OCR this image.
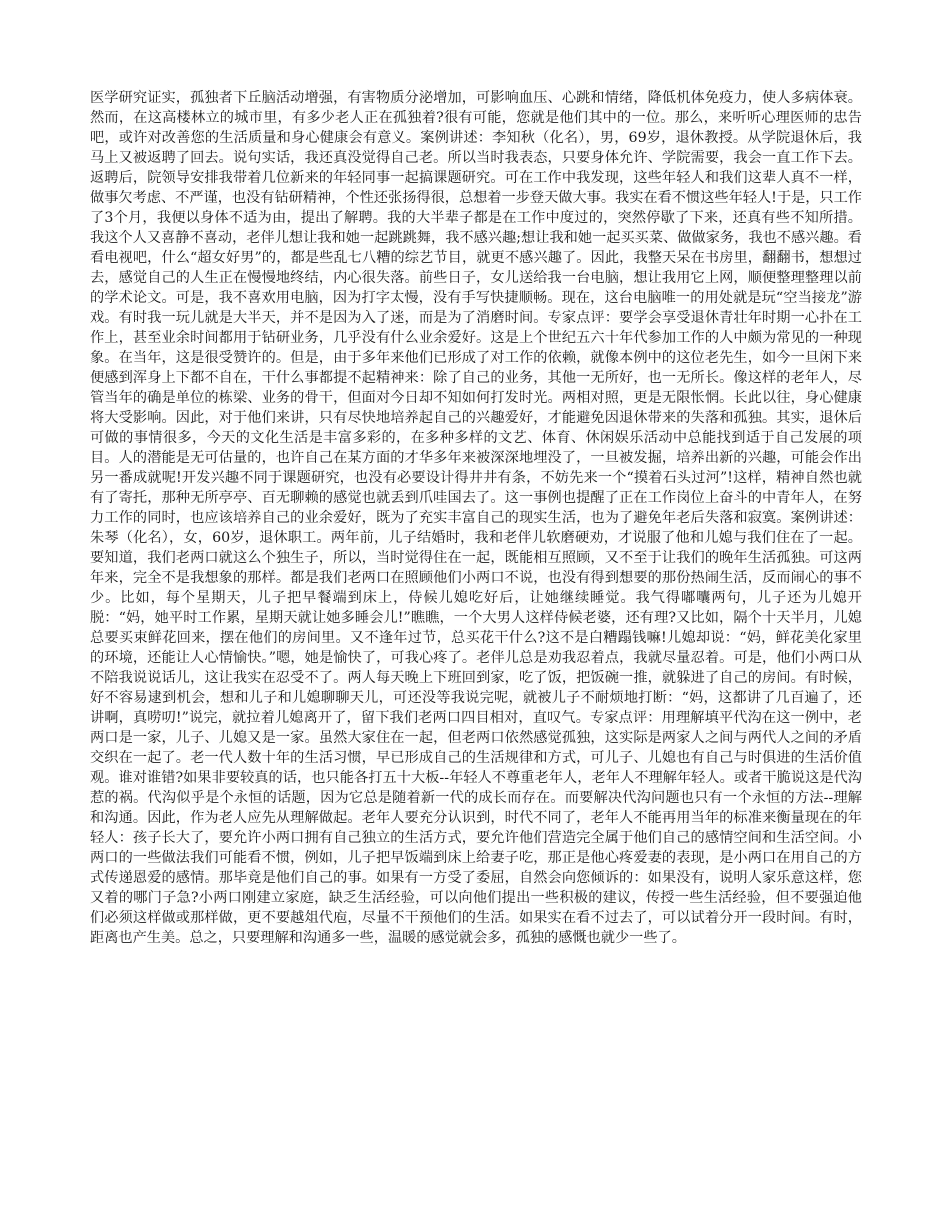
医学研究证实，孤独者下丘脑活动增强，有害物质分泌增加，可影响血压、心跳和情绪，降低机体免疫力，使人多病体衰。然而，在这高楼林立的城市里，有多少老人正在孤独着?很有可能，您就是他们其中的一位。那么，来听听心理医师的忠告吧，或许对改善您的生活质量和身心健康会有意义。案例讲述：李知秋（化名），男，69岁，退休教授。从学院退休后，我马上又被返聘了回去。说句实话，我还真没觉得自己老。所以当时我表态，只要身体允许、学院需要，我会一直工作下去。返聘后，院领导安排我带着几位新来的年轻同事一起搞课题研究。可在工作中我发现，这些年轻人和我们这辈人真不一样，做事欠考虑、不严谨，也没有钻研精神，个性还张扬得很，总想着一步登天做大事。我实在看不惯这些年轻人!于是，只工作了3个月，我便以身体不适为由，提出了解聘。我的大半辈子都是在工作中度过的，突然停歇了下来，还真有些不知所措。我这个人又喜静不喜动，老伴儿想让我和她一起跳跳舞，我不感兴趣;想让我和她一起买买菜、做做家务，我也不感兴趣。看看电视吧，什么“超女好男”的，都是些乱七八糟的综艺节目，就更不感兴趣了。因此，我整天呆在书房里，翻翻书，想想过去，感觉自己的人生正在慢慢地终结，内心很失落。前些日子，女儿送给我一台电脑，想让我用它上网，顺便整理整理以前的学术论文。可是，我不喜欢用电脑，因为打字太慢，没有手写快捷顺畅。现在，这台电脑唯一的用处就是玩“空当接龙”游戏。有时我一玩儿就是大半天，并不是因为入了迷，而是为了消磨时间。专家点评：要学会享受退休青壮年时期一心扑在工作上，甚至业余时间都用于钻研业务，几乎没有什么业余爱好。这是上个世纪五六十年代参加工作的人中颇为常见的一种现象。在当年，这是很受赞许的。但是，由于多年来他们已形成了对工作的依赖，就像本例中的这位老先生，如今一旦闲下来便感到浑身上下都不自在，干什么事都提不起精神来：除了自己的业务，其他一无所好，也一无所长。像这样的老年人，尽管当年的确是单位的栋梁、业务的骨干，但面对今日却不知如何打发时光。两相对照，更是无限怅惘。长此以往，身心健康将大受影响。因此，对于他们来讲，只有尽快地培养起自己的兴趣爱好，才能避免因退休带来的失落和孤独。其实，退休后可做的事情很多，今天的文化生活是丰富多彩的，在多种多样的文艺、体育、休闲娱乐活动中总能找到适于自己发展的项目。人的潜能是无可估量的，也许自己在某方面的才华多年来被深深地埋没了，一旦被发掘，培养出新的兴趣，可能会作出另一番成就呢!开发兴趣不同于课题研究，也没有必要设计得井井有条，不妨先来一个“摸着石头过河”!这样，精神自然也就有了寄托，那种无所亭亭、百无聊赖的感觉也就丢到爪哇国去了。这一事例也提醒了正在工作岗位上奋斗的中青年人，在努力工作的同时，也应该培养自己的业余爱好，既为了充实丰富自己的现实生活，也为了避免年老后失落和寂寞。案例讲述：朱琴（化名），女，60岁，退休职工。两年前，儿子结婚时，我和老伴儿软磨硬劝，才说服了他和儿媳与我们住在了一起。要知道，我们老两口就这么个独生子，所以，当时觉得住在一起，既能相互照顾，又不至于让我们的晚年生活孤独。可这两年来，完全不是我想象的那样。都是我们老两口在照顾他们小两口不说，也没有得到想要的那份热闹生活，反而闹心的事不少。比如，每个星期天，儿子把早餐端到床上，侍候儿媳吃好后，让她继续睡觉。我气得嘟囔两句，儿子还为儿媳开脱：“妈，她平时工作累，星期天就让她多睡会儿!”瞧瞧，一个大男人这样侍候老婆，还有理?又比如，隔个十天半月，儿媳总要买束鲜花回来，摆在他们的房间里。又不逢年过节，总买花干什么?这不是白糟蹋钱嘛!儿媳却说：“妈，鲜花美化家里的环境，还能让人心情愉快。”嗯，她是愉快了，可我心疼了。老伴儿总是劝我忍着点，我就尽量忍着。可是，他们小两口从不陪我说说话儿，这让我实在忍受不了。两人每天晚上下班回到家，吃了饭，把饭碗一推，就躲进了自己的房间。有时候，好不容易逮到机会，想和儿子和儿媳聊聊天儿，可还没等我说完呢，就被儿子不耐烦地打断：“妈，这都讲了几百遍了，还讲啊，真唠叨!”说完，就拉着儿媳离开了，留下我们老两口四目相对，直叹气。专家点评：用理解填平代沟在这一例中，老两口是一家，儿子、儿媳又是一家。虽然大家住在一起，但老两口依然感觉孤独，这实际是两家人之间与两代人之间的矛盾交织在一起了。老一代人数十年的生活习惯，早已形成自己的生活规律和方式，可儿子、儿媳也有自己与时俱进的生活价值观。谁对谁错?如果非要较真的话，也只能各打五十大板--年轻人不尊重老年人，老年人不理解年轻人。或者干脆说这是代沟惹的祸。代沟似乎是个永恒的话题，因为它总是随着新一代的成长而存在。而要解决代沟问题也只有一个永恒的方法--理解和沟通。因此，作为老人应先从理解做起。老年人要充分认识到，时代不同了，老年人不能再用当年的标准来衡量现在的年轻人：孩子长大了，要允许小两口拥有自己独立的生活方式，要允许他们营造完全属于他们自己的感情空间和生活空间。小两口的一些做法我们可能看不惯，例如，儿子把早饭端到床上给妻子吃，那正是他心疼爱妻的表现，是小两口在用自己的方式传递恩爱的感情。那毕竟是他们自己的事。如果有一方受了委屈，自然会向您倾诉的：如果没有，说明人家乐意这样，您又着的哪门子急?小两口刚建立家庭，缺乏生活经验，可以向他们提出一些积极的建议，传授一些生活经验，但不要强迫他们必须这样做或那样做，更不要越俎代庖，尽量不干预他们的生活。如果实在看不过去了，可以试着分开一段时间。有时，距离也产生美。总之，只要理解和沟通多一些，温暖的感觉就会多，孤独的感慨也就少一些了。
